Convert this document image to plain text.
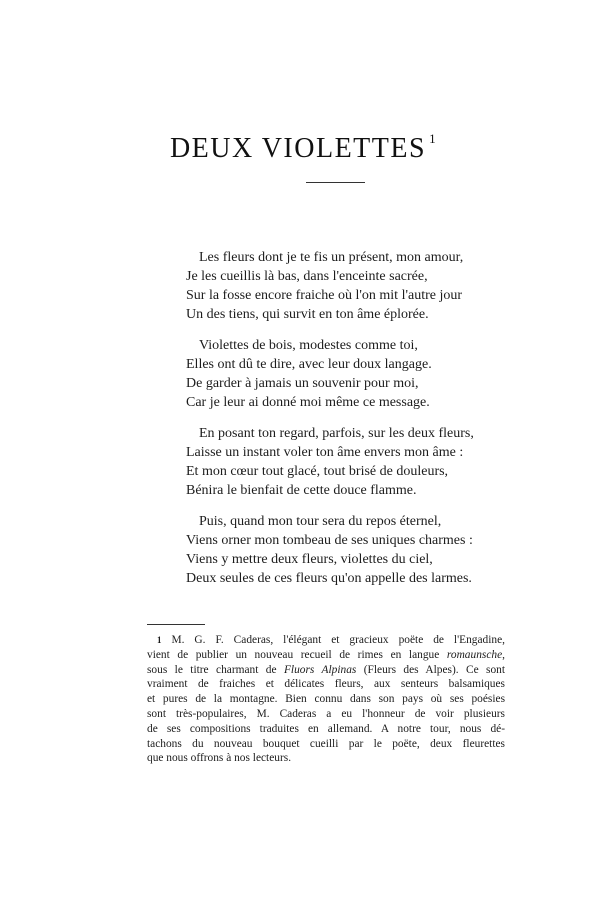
DEUX VIOLETTES $^1$
Les fleurs dont je te fis un présent, mon amour,
Je les cueillis là bas, dans l'enceinte sacrée,
Sur la fosse encore fraiche où l'on mit l'autre jour
Un des tiens, qui survit en ton âme éplorée.
Violettes de bois, modestes comme toi,
Elles ont dû te dire, avec leur doux langage.
De garder à jamais un souvenir pour moi,
Car je leur ai donné moi même ce message.
En posant ton regard, parfois, sur les deux fleurs,
Laisse un instant voler ton âme envers mon âme :
Et mon cœur tout glacé, tout brisé de douleurs,
Bénira le bienfait de cette douce flamme.
Puis, quand mon tour sera du repos éternel,
Viens orner mon tombeau de ses uniques charmes :
Viens y mettre deux fleurs, violettes du ciel,
Deux seules de ces fleurs qu'on appelle des larmes.
$^1$ M. G. F. Caderas, l'élégant et gracieux poëte de l'Engadine,
vient de publier un nouveau recueil de rimes en langue romaunsche,
sous le titre charmant de Fluors Alpinas (Fleurs des Alpes). Ce sont
vraiment de fraiches et délicates fleurs, aux senteurs balsamiques
et pures de la montagne. Bien connu dans son pays où ses poésies
sont très-populaires, M. Caderas a eu l'honneur de voir plusieurs
de ses compositions traduites en allemand. A notre tour, nous dé-
tachons du nouveau bouquet cueilli par le poëte, deux fleurettes
que nous offrons à nos lecteurs.
